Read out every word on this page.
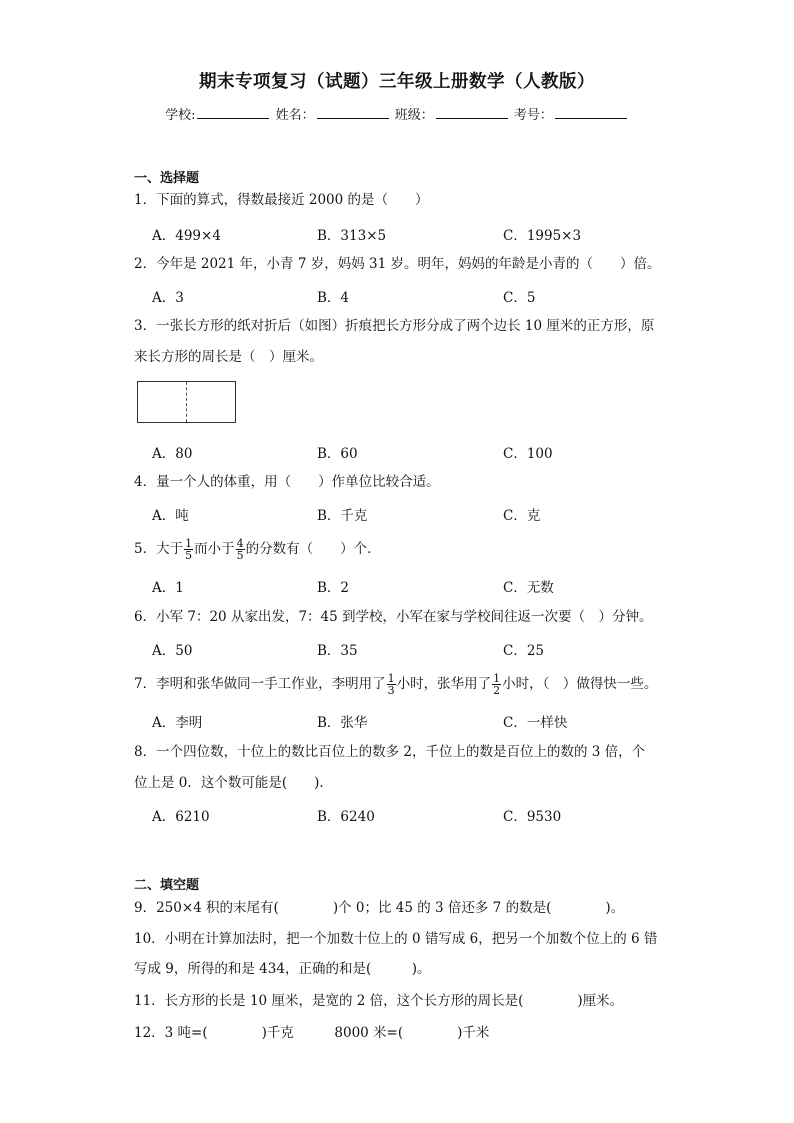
期末专项复习（试题）三年级上册数学（人教版）
学校:	姓名：	班级：	考号：
一、选择题
1．下面的算式，得数最接近 2000 的是（　　）
A．499×4	B．313×5	C．1995×3
2．今年是 2021 年，小青 7 岁，妈妈 31 岁。明年，妈妈的年龄是小青的（　　）倍。
A．3	B．4	C．5
3．一张长方形的纸对折后（如图）折痕把长方形分成了两个边长 10 厘米的正方形，原
来长方形的周长是（　）厘米。
A．80	B．60	C．100
4．量一个人的体重，用（　　）作单位比较合适。
A．吨	B．千克	C．克
5．大于 $\frac{1}{5}$ 而小于 $\frac{4}{5}$ 的分数有（　　）个．
A．1	B．2	C．无数
6．小军 7：20 从家出发，7：45 到学校，小军在家与学校间往返一次要（　）分钟。
A．50	B．35	C．25
7．李明和张华做同一手工作业，李明用了 $\frac{1}{3}$ 小时，张华用了 $\frac{1}{2}$ 小时，（　）做得快一些。
A．李明	B．张华	C．一样快
8．一个四位数，十位上的数比百位上的数多 2，千位上的数是百位上的数的 3 倍，个
位上是 0．这个数可能是(　　)．
A．6210	B．6240	C．9530
二、填空题
9．250×4 积的末尾有(　　　　)个 0；比 45 的 3 倍还多 7 的数是(　　　　)。
10．小明在计算加法时，把一个加数十位上的 0 错写成 6，把另一个加数个位上的 6 错
写成 9，所得的和是 434，正确的和是(　　　)。
11．长方形的长是 10 厘米，是宽的 2 倍，这个长方形的周长是(　　　　)厘米。
12．3 吨=(　　　　)千克　　　8000 米=(　　　　)千米
